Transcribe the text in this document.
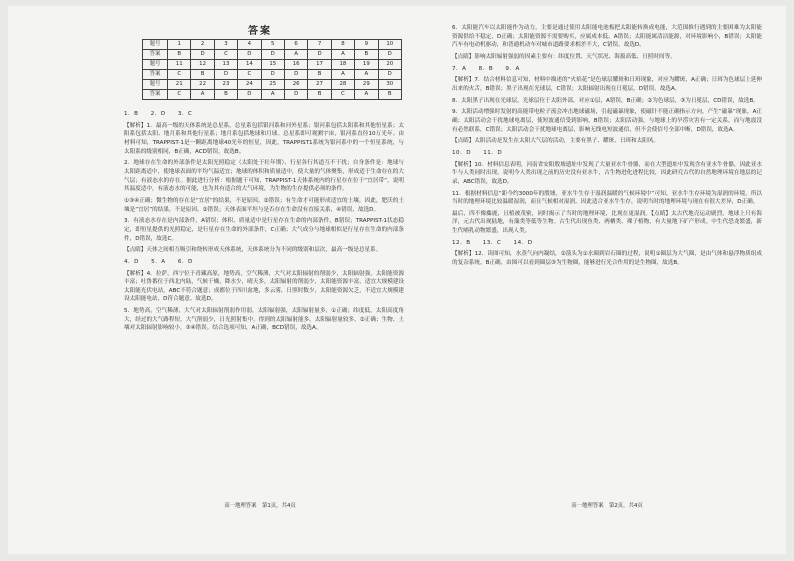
答案
题号	1	2	3	4	5	6	7	8	9	10
答案	B	D	C	D	D	A	D	A	B	D
题号	11	12	13	14	15	16	17	18	19	20
答案	C	B	D	C	D	D	B	A	A	D
题号	21	22	23	24	25	26	27	28	29	30
答案	C	A	B	D	A	D	B	C	A	B

1．B　　2．D　　3．C

【解析】1．最高一级的天体系统是总星系，总星系包括银河系和河外星系；银河系包括太阳系和其他恒星系；太阳系包括太阳、地月系和其他行星系；地月系包括地球和月球。总星系即可观测宇宙，银河系直径10万光年。由材料可知，TRAPPIST-1是一颗距离地球40光年的恒星，因此，TRAPPIST1系统为银河系中的一个恒星系统，与太阳系的级别相同，B正确，ACD错误，故选B。

2．地球存在生命的外部条件是太阳光照稳定（太阳处于壮年期）、行星各行其道互不干扰；自身条件是：地球与太阳距离适中，使地球表面的平均气温适宜；地球的体积和质量适中，使大量的气体聚集，形成适于生命存在的大气层；有液态水的存在。据此进行分析：根据题干可知，TRAPPIST-1天体系统内的行星存在位于“宜居带”，说明其温度适中，有液态水的可能，也为其有适合的大气环境，为生物的生存提供必须的条件。

①③④正确；微生物的存在是“宜居”的结果，不是原因。②错误；有生命才可能形成适宜的土壤。因此，肥沃的土壤是“宜居”的结果，不是原因。②错误；天体表面平坦与是否存在生命没有直接关系，④错误，故选D。

3．有液态水存在是内部条件，A错误；体积、质量适中是行星存在生命的内部条件，B错误；TRAPPIST-1状态稳定，即恒星提供的光照稳定，是行星存在生命的外部条件，C正确；大气成分与地球相似是行星存在生命的内部条件，D错误，故选C。

【点睛】天体之间相互吸引和绕转形成天体系统，天体系统分为不同的级别和层次，最高一级是总星系。

4．D　　5．A　　6．D

【解析】4．拉萨，西宁位于青藏高原，地势高，空气稀薄，大气对太阳辐射的削弱少，太阳辐射强，太阳能资源丰富；吐鲁番位于西北内陆，气候干燥，降水少，晴天多，太阳辐射的削弱少，太阳能资源丰富，适宜大规模建设太阳能光伏电站，ABC不符合题意；成都位于四川盆地，多云雾，日照时数少，太阳能资源欠乏，不适宜大规模建设太阳能电站，D符合题意。故选D。

5．地势高，空气稀薄，大气对太阳辐射削弱作用弱，太阳辐射强，太阳辐射量多，①正确；纬度低，太阳高度角大，经过的大气路程短，大气削弱少，日光照射集中，得到的太阳辐射能多，太阳辐射量较多，②正确；生物、土壤对太阳辐射影响较小，③④错误。结合选项可知，A正确，BCD错误，故选A。

高一地理答案　第1页，共4页

6．太阳能汽车以太阳能作为动力，主要是通过使用太阳能电池板把太阳能转换成电能，大范围推行遇到的主要困难为太阳能资源供给不稳定，D正确；太阳能资源不需要购买，应属成本低，A错误；太阳能属清洁能源，对环境影响小，B错误；太阳能汽车有电动机驱动，和普通机动车对城市道路要求相差不大，C错误。故选D。

【点睛】影响太阳辐射强弱的因素主要有：纬度位置、天气状况、海拔高低、日照时间等。

7．A　　8．B　　9．A

【解析】7．结合材料信息可知，材料中描述的“火焰花”是色球层耀斑和日珥现象，对应为耀斑，A正确；日珥为色球层上延伸出来的火舌，B错误；黑子出现在光球层，C错误；太阳辐射出现在日冕层，D错误。故选A。

8．太阳黑子出现在光球层，光球层位于太阳外部，对应①层，A错误，B正确；②为色球层，③为日冕层，CD错误，故选B。

9．太阳活动增强时发射的高能带电粒子流会冲击地球磁场，引起磁暴现象，使磁针不能正确指示方向，产生“磁暴”现象，A正确；太阳活动会干扰地球电离层，使短波通信受到影响，B错误；太阳活动强，与地球上的旱涝灾害有一定关系，而与地震没有必然联系，C错误；太阳活动会干扰地球电离层，影响无线电短波通信，但不会使信号全部中断，D错误，故选A。

【点睛】太阳活动是发生在太阳大气层的活动，主要有黑子、耀斑、日珥和太阳风。

10．D　　11．D

【解析】10．材料信息表明，河南省安阳殷墟遗址中发现了大量亚水牛骨骼，而在大型遗址中发现含有亚水牛骨骼，因此亚水牛与人类同时出现，说明今人类出现之前的历史没有亚水牛，古生物进化进程比较，因此研究古代的自然地理环境在地层的记录，ABC错误，故选D。

11．根据材料信息“距今约3000年的殷墟，亚水牛生存于湿润温暖的气候环境中”可知，亚水牛生存环境为湿润的环境，所以当时的地理环境比较温暖湿润，而且气候相对湿润，因此适合亚水牛生存，说明当时的地理环境与现在有很大差异，D正确。

最后，四不像麋鹿，且植被茂密，同时揭示了当时的地理环境，比现在更湿润。【点睛】太古代地壳运动剧烈，地球上只有海洋，元古代出现陆地，有藻类等低等生物。古生代出现鱼类、两栖类、裸子植物，有大量地下矿产形成。中生代恐龙繁盛，新生代哺乳动物繁盛，出现人类。

12．B　　13．C　　14．D

【解析】12．读图可知，水蒸气向内凝结，②箭头为①水圈到岩石圈的过程，说明①圈层为大气圈，是由气体和悬浮物质组成的复杂系统，B正确，由图可以看到圈层③为生物圈，能够进行光合作用的是生物圈，故选B。

高一地理答案　第2页，共4页
